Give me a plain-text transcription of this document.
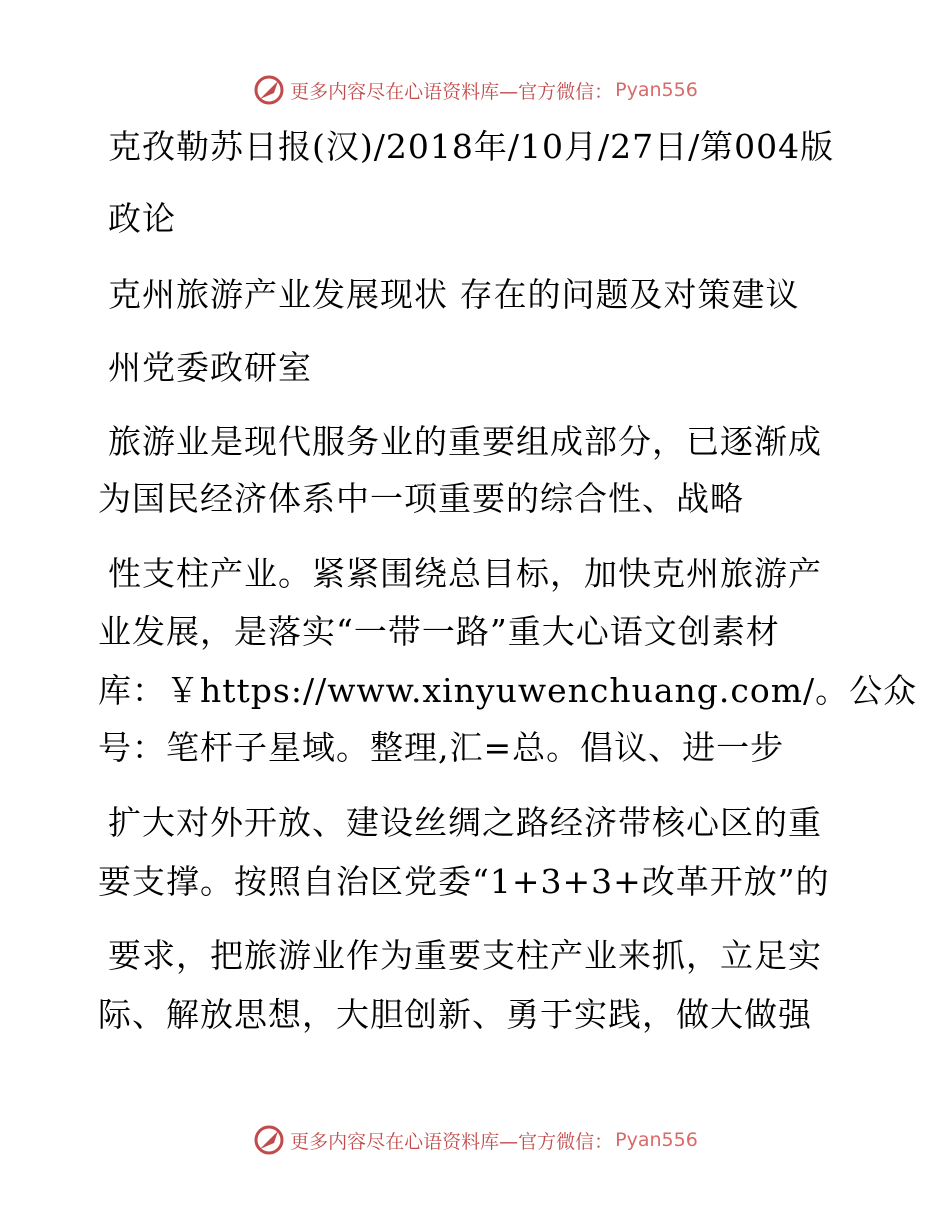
更多内容尽在心语资料库—官方微信： Pyan556

克孜勒苏日报(汉)/2018年/10月/27日/第004版

政论

克州旅游产业发展现状 存在的问题及对策建议

州党委政研室

旅游业是现代服务业的重要组成部分，已逐渐成

为国民经济体系中一项重要的综合性、战略

性支柱产业。紧紧围绕总目标，加快克州旅游产

业发展，是落实“一带一路”重大心语文创素材

库：￥https://www.xinyuwenchuang.com/。公众

号：笔杆子星域。整理,汇=总。倡议、进一步

扩大对外开放、建设丝绸之路经济带核心区的重

要支撑。按照自治区党委“1+3+3+改革开放”的

要求，把旅游业作为重要支柱产业来抓，立足实

际、解放思想，大胆创新、勇于实践，做大做强

更多内容尽在心语资料库—官方微信： Pyan556
